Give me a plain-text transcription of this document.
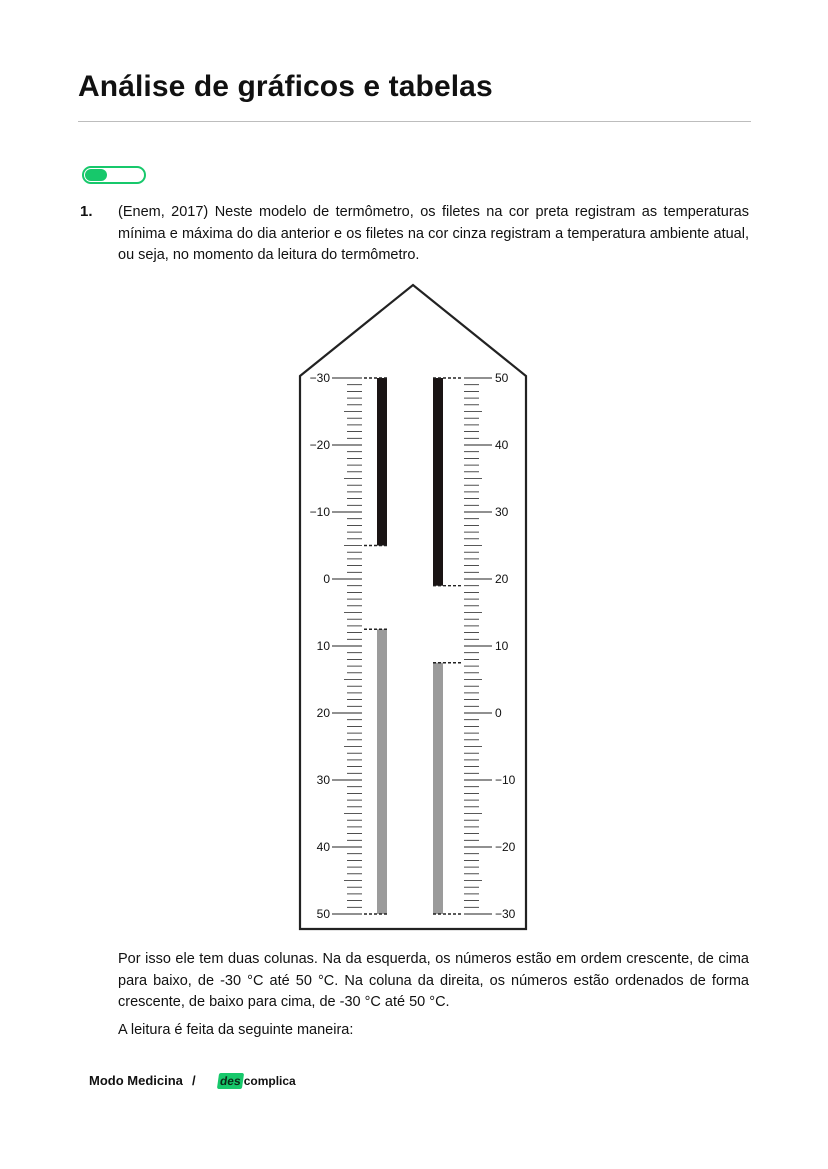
Análise de gráficos e tabelas
1. (Enem, 2017) Neste modelo de termômetro, os filetes na cor preta registram as temperaturas mínima e máxima do dia anterior e os filetes na cor cinza registram a temperatura ambiente atual, ou seja, no momento da leitura do termômetro.

−30
−20
−10
0
10
20
30
40
50
50
40
30
20
10
0
−10
−20
−30

Por isso ele tem duas colunas. Na da esquerda, os números estão em ordem crescente, de cima para baixo, de -30 °C até 50 °C. Na coluna da direita, os números estão ordenados de forma crescente, de baixo para cima, de -30 °C até 50 °C.

A leitura é feita da seguinte maneira:

Modo Medicina / des complica
